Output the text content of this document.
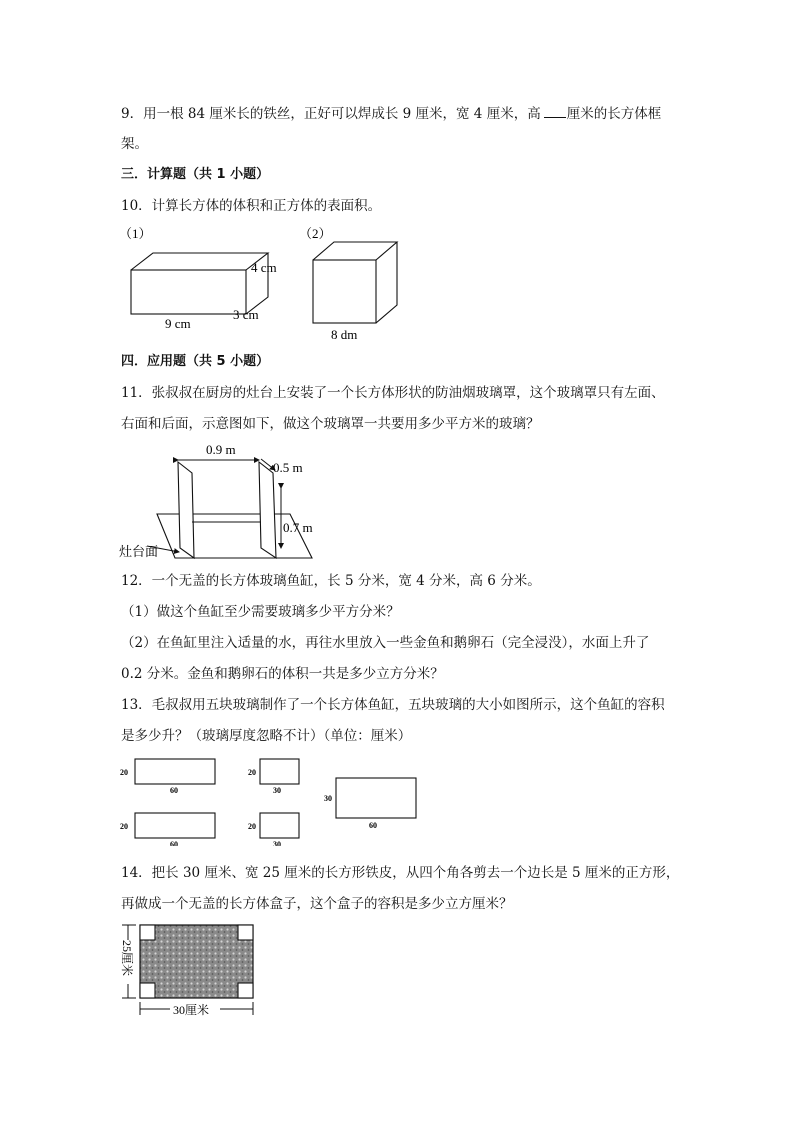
9．用一根 84 厘米长的铁丝，正好可以焊成长 9 厘米，宽 4 厘米，高 厘米的长方体框
架。
三．计算题（共 1 小题）
10．计算长方体的体积和正方体的表面积。
（1）
4 cm
3 cm
9 cm
（2）
8 dm
四．应用题（共 5 小题）
11．张叔叔在厨房的灶台上安装了一个长方体形状的防油烟玻璃罩，这个玻璃罩只有左面、
右面和后面，示意图如下，做这个玻璃罩一共要用多少平方米的玻璃？
0.9 m
0.5 m
0.7 m
灶台面
12．一个无盖的长方体玻璃鱼缸，长 5 分米，宽 4 分米，高 6 分米。
（1）做这个鱼缸至少需要玻璃多少平方分米？
（2）在鱼缸里注入适量的水，再往水里放入一些金鱼和鹅卵石（完全浸没），水面上升了
0.2 分米。金鱼和鹅卵石的体积一共是多少立方分米？
13．毛叔叔用五块玻璃制作了一个长方体鱼缸，五块玻璃的大小如图所示，这个鱼缸的容积
是多少升？（玻璃厚度忽略不计）（单位：厘米）
20
60
20
30
30
60
20
60
20
30
14．把长 30 厘米、宽 25 厘米的长方形铁皮，从四个角各剪去一个边长是 5 厘米的正方形，
再做成一个无盖的长方体盒子，这个盒子的容积是多少立方厘米？
30厘米
25厘米
